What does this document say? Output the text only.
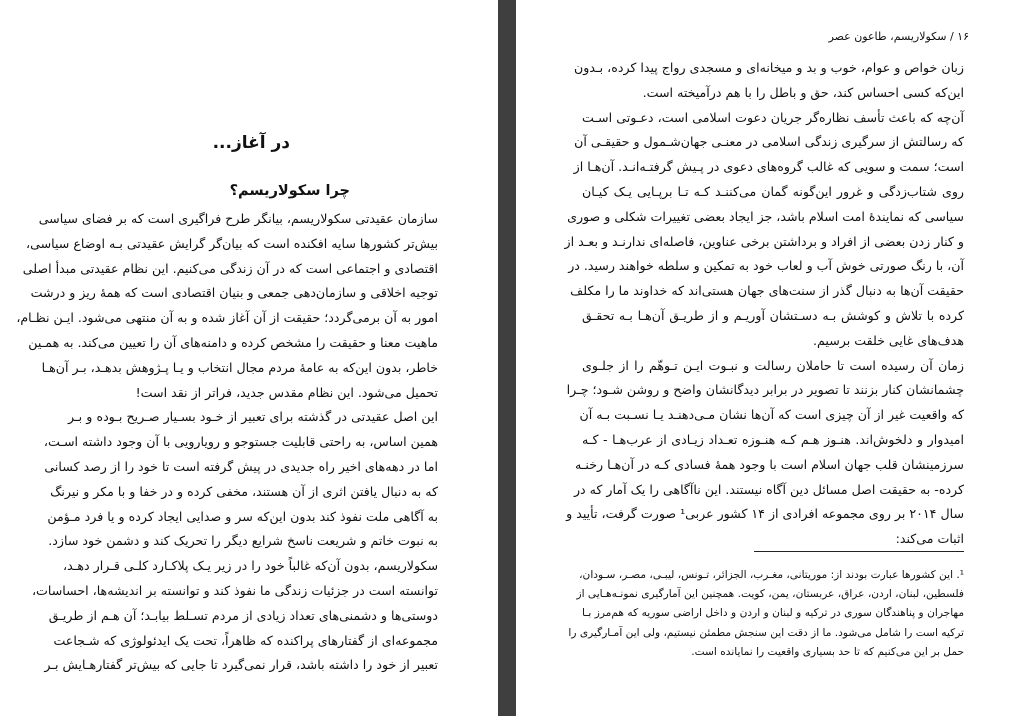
در آغاز...
چرا سکولاریسم؟
سازمان عقیدتی سکولاریسم، بیانگر طرح فراگیری است که بر فضای سیاسی
بیش‌تر کشورها سایه افکنده است که بیان‌گر گرایش عقیدتی بـه اوضاع سیاسی،
اقتصادی و اجتماعی است که در آن زندگی می‌کنیم. این نظام عقیدتی مبدأ اصلی
توجیه اخلاقی و سازمان‌دهی جمعی و بنیان اقتصادی است که همهٔ ریز و درشت
امور به آن برمی‌گردد؛ حقیقت از آن آغاز شده و به آن منتهی می‌شود. ایـن نظـام،
ماهیت معنا و حقیقت را مشخص کرده و دامنه‌های آن را تعیین می‌کند. به همـین
خاطر، بدون این‌که به عامهٔ مردم مجال انتخاب و یـا پـژوهش بدهـد، بـر آن‌هـا
تحمیل می‌شود. این نظام مقدس جدید، فراتر از نقد است!
این اصل عقیدتی در گذشته برای تعبیر از خـود بسـیار صـریح بـوده و بـر
همین اساس، به راحتی قابلیت جستوجو و رویارویی با آن وجود داشته اسـت،
اما در دهه‌های اخیر راه جدیدی در پیش گرفته است تا خود را از رصد کسانی
که به دنبال یافتن اثری از آن هستند، مخفی کرده و در خفا و با مکر و نیرنگ
به آگاهی ملت نفوذ کند بدون این‌که سر و صدایی ایجاد کرده و یا فرد مـؤمن
به نبوت خاتم و شریعت ناسخ شرایع دیگر را تحریک کند و دشمن خود سازد.
سکولاریسم، بدون آن‌که غالباً خود را در زیر یـک پلاکـارد کلـی قـرار دهـد،
توانسته است در جزئیات زندگی ما نفوذ کند و توانسته بر اندیشه‌ها، احساسات،
دوستی‌ها و دشمنی‌های تعداد زیادی از مردم تسـلط بیابـد؛ آن هـم از طریـق
مجموعه‌ای از گفتارهای پراکنده که ظاهراً، تحت یک ایدئولوژی که شـجاعت
تعبیر از خود را داشته باشد، قرار نمی‌گیرد تا جایی که بیش‌تر گفتارهـایش بـر
۱۶ / سکولاریسم، طاعون عصر
زبان خواص و عوام، خوب و بد و میخانه‌ای و مسجدی رواج پیدا کرده، بـدون
این‌که کسی احساس کند، حق و باطل را با هم درآمیخته است.
آن‌چه که باعث تأسف نظاره‌گر جریان دعوت اسلامی است، دعـوتی اسـت
که رسالتش از سرگیری زندگی اسلامی در معنـی جهان‌شـمول و حقیقـی آن
است؛ سمت و سویی که غالب گروه‌های دعوی در پـیش گرفتـه‌انـد. آن‌هـا از
روی شتاب‌زدگی و غرور این‌گونه گمان می‌کننـد کـه تـا برپـایی یـک کیـان
سیاسی که نمایندهٔ امت اسلام باشد، جز ایجاد بعضی تغییرات شکلی و صوری
و کنار زدن بعضی از افراد و برداشتن برخی عناوین، فاصله‌ای ندارنـد و بعـد از
آن، با رنگ صورتی خوش آب و لعاب خود به تمکین و سلطه خواهند رسید. در
حقیقت آن‌ها به دنبال گذر از سنت‌های جهان هستی‌اند که خداوند ما را مکلف
کرده با تلاش و کوشش بـه دسـتشان آوریـم و از طریـق آن‌هـا بـه تحقـق
هدف‌های غایی خلقت برسیم.
زمان آن رسیده است تا حاملان رسالت و نبـوت ایـن تـوهّم را از جلـوی
چشمانشان کنار بزنند تا تصویر در برابر دیدگانشان واضح و روشن شـود؛ چـرا
که واقعیت غیر از آن چیزی است که آن‌ها نشان مـی‌دهنـد یـا نسـبت بـه آن
امیدوار و دلخوش‌اند. هنـوز هـم کـه هنـوزه تعـداد زیـادی از عرب‌هـا - کـه
سرزمینشان قلب جهان اسلام است با وجود همهٔ فسادی کـه در آن‌هـا رخنـه
کرده- به حقیقت اصل مسائل دین آگاه نیستند. این ناآگاهی را یک آمار که در
سال ۲۰۱۴ بر روی مجموعه افرادی از ۱۴ کشور عربی¹ صورت گرفت، تأیید و
اثبات می‌کند:
¹. این کشورها عبارت بودند از: موریتانی، مغـرب، الجزائر، تـونس، لیبـی، مصـر، سـودان،
فلسطین، لبنان، اردن، عراق، عربستان، یمن، کویت. همچنین این آمارگیری نمونـه‌هـایی از
مهاجران و پناهندگان سوری در ترکیه و لبنان و اردن و داخل اراضی سوریه که هم‌مرز بـا
ترکیه است را شامل می‌شود. ما از دقت این سنجش مطمئن نیستیم، ولی این آمـارگیری را
حمل بر این می‌کنیم که تا حد بسیاری واقعیت را نمایانده است.
